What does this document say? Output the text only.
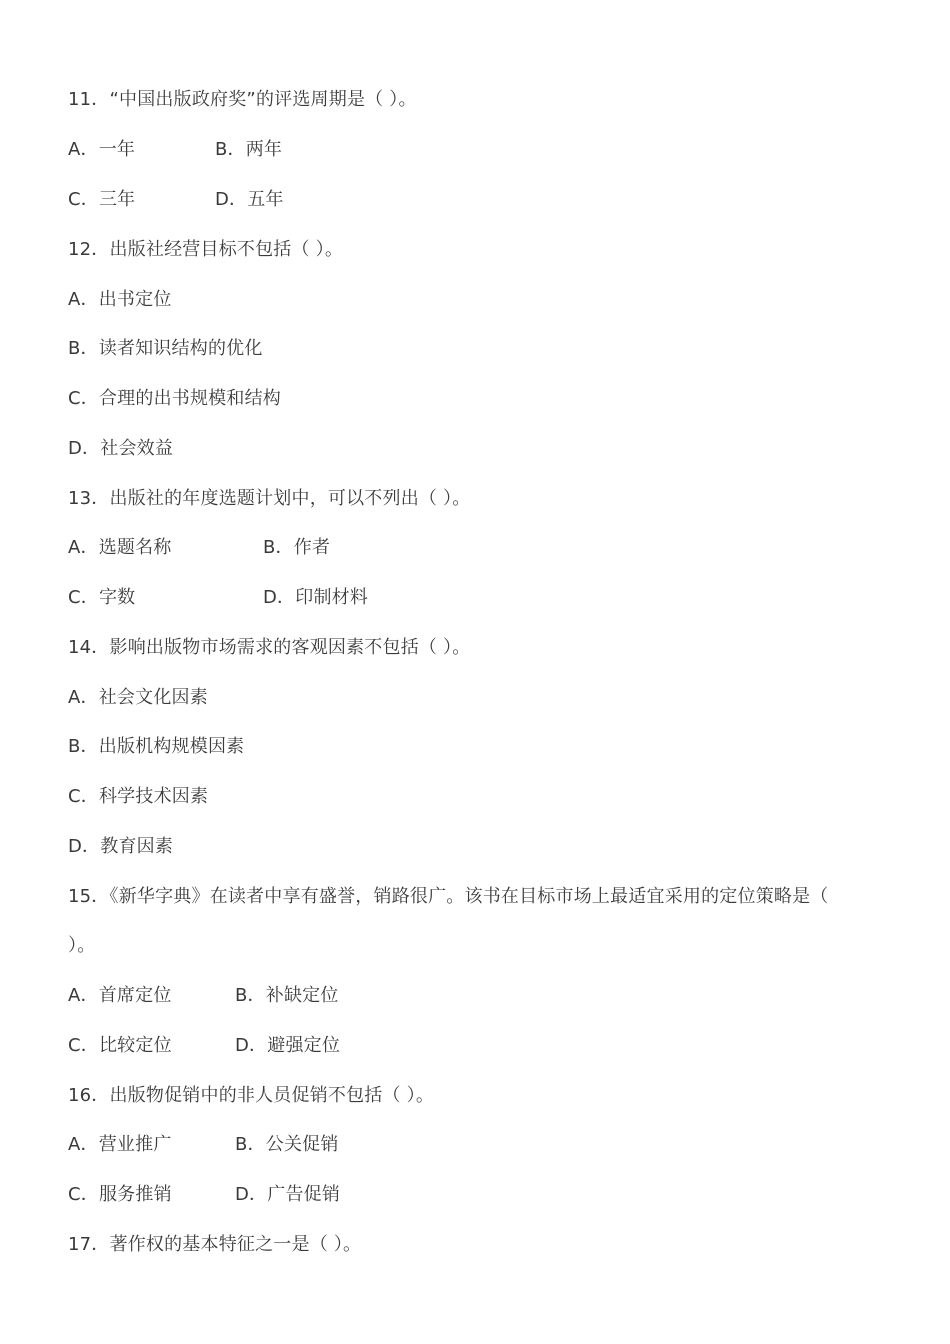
11．“中国出版政府奖”的评选周期是（ ）。
A．一年	B．两年
C．三年	D．五年
12．出版社经营目标不包括（ ）。
A．出书定位
B．读者知识结构的优化
C．合理的出书规模和结构
D．社会效益
13．出版社的年度选题计划中，可以不列出（ ）。
A．选题名称	B．作者
C．字数	D．印制材料
14．影响出版物市场需求的客观因素不包括（ ）。
A．社会文化因素
B．出版机构规模因素
C．科学技术因素
D．教育因素
15．《新华字典》在读者中享有盛誉，销路很广。该书在目标市场上最适宜采用的定位策略是（
）。
A．首席定位	B．补缺定位
C．比较定位	D．避强定位
16．出版物促销中的非人员促销不包括（ ）。
A．营业推广	B．公关促销
C．服务推销	D．广告促销
17．著作权的基本特征之一是（ ）。
